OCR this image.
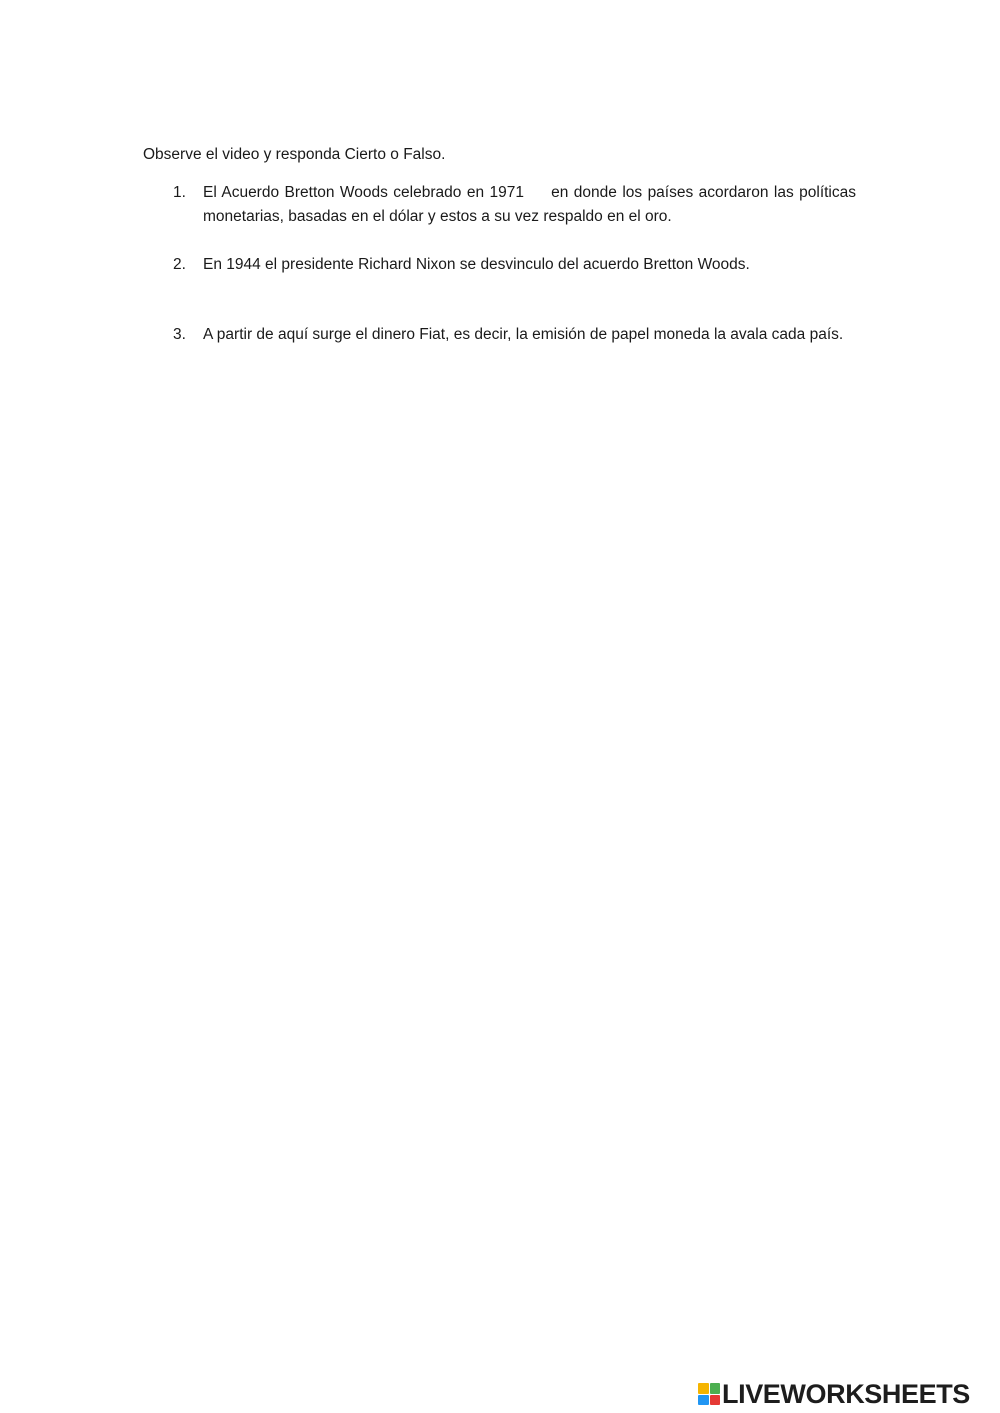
Observe el video y responda Cierto o Falso.

1. El Acuerdo Bretton Woods celebrado en 1971     en donde los países acordaron las políticas monetarias, basadas en el dólar y estos a su vez respaldo en el oro.
2. En 1944 el presidente Richard Nixon se desvinculo del acuerdo Bretton Woods.
3. A partir de aquí surge el dinero Fiat, es decir, la emisión de papel moneda la avala cada país.
LIVEWORKSHEETS
